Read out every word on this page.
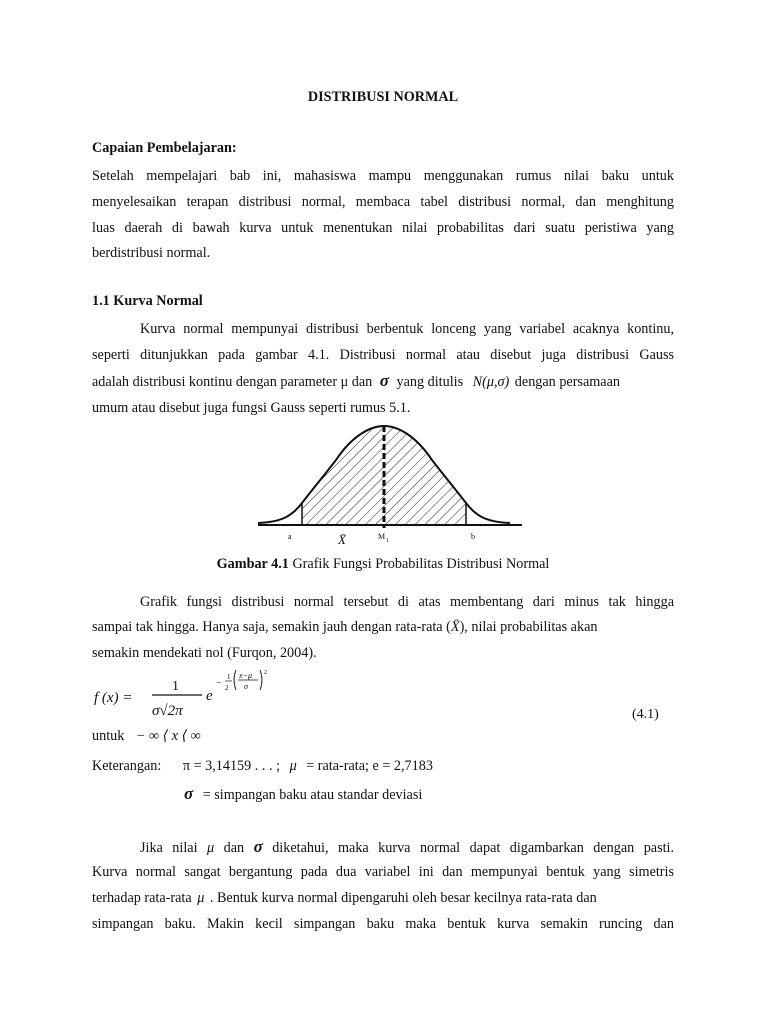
DISTRIBUSI NORMAL
Capaian Pembelajaran:
Setelah mempelajari bab ini, mahasiswa mampu menggunakan rumus nilai baku untuk
menyelesaikan terapan distribusi normal, membaca tabel distribusi normal, dan menghitung
luas daerah di bawah kurva untuk menentukan nilai probabilitas dari suatu peristiwa yang
berdistribusi normal.
1.1 Kurva Normal
Kurva normal mempunyai distribusi berbentuk lonceng yang variabel acaknya kontinu,
seperti ditunjukkan pada gambar 4.1. Distribusi normal atau disebut juga distribusi Gauss
adalah distribusi kontinu dengan parameter μ dan σ yang ditulis N(μ,σ) dengan persamaan
umum atau disebut juga fungsi Gauss seperti rumus 5.1.
a	X̄	M 1	b
Gambar 4.1 Grafik Fungsi Probabilitas Distribusi Normal
Grafik fungsi distribusi normal tersebut di atas membentang dari minus tak hingga
sampai tak hingga. Hanya saja, semakin jauh dengan rata-rata (X̄), nilai probabilitas akan
semakin mendekati nol (Furqon, 2004).
f (x) =
1
σ√2π
e
−
1
2
x−μ
σ
2
(4.1)
untuk − ∞ ⟨ x ⟨ ∞
Keterangan: π = 3,14159 . . . ; μ = rata-rata; e = 2,7183
σ = simpangan baku atau standar deviasi
Jika nilai μ dan σ diketahui, maka kurva normal dapat digambarkan dengan pasti.
Kurva normal sangat bergantung pada dua variabel ini dan mempunyai bentuk yang simetris
terhadap rata-rata μ . Bentuk kurva normal dipengaruhi oleh besar kecilnya rata-rata dan
simpangan baku. Makin kecil simpangan baku maka bentuk kurva semakin runcing dan
